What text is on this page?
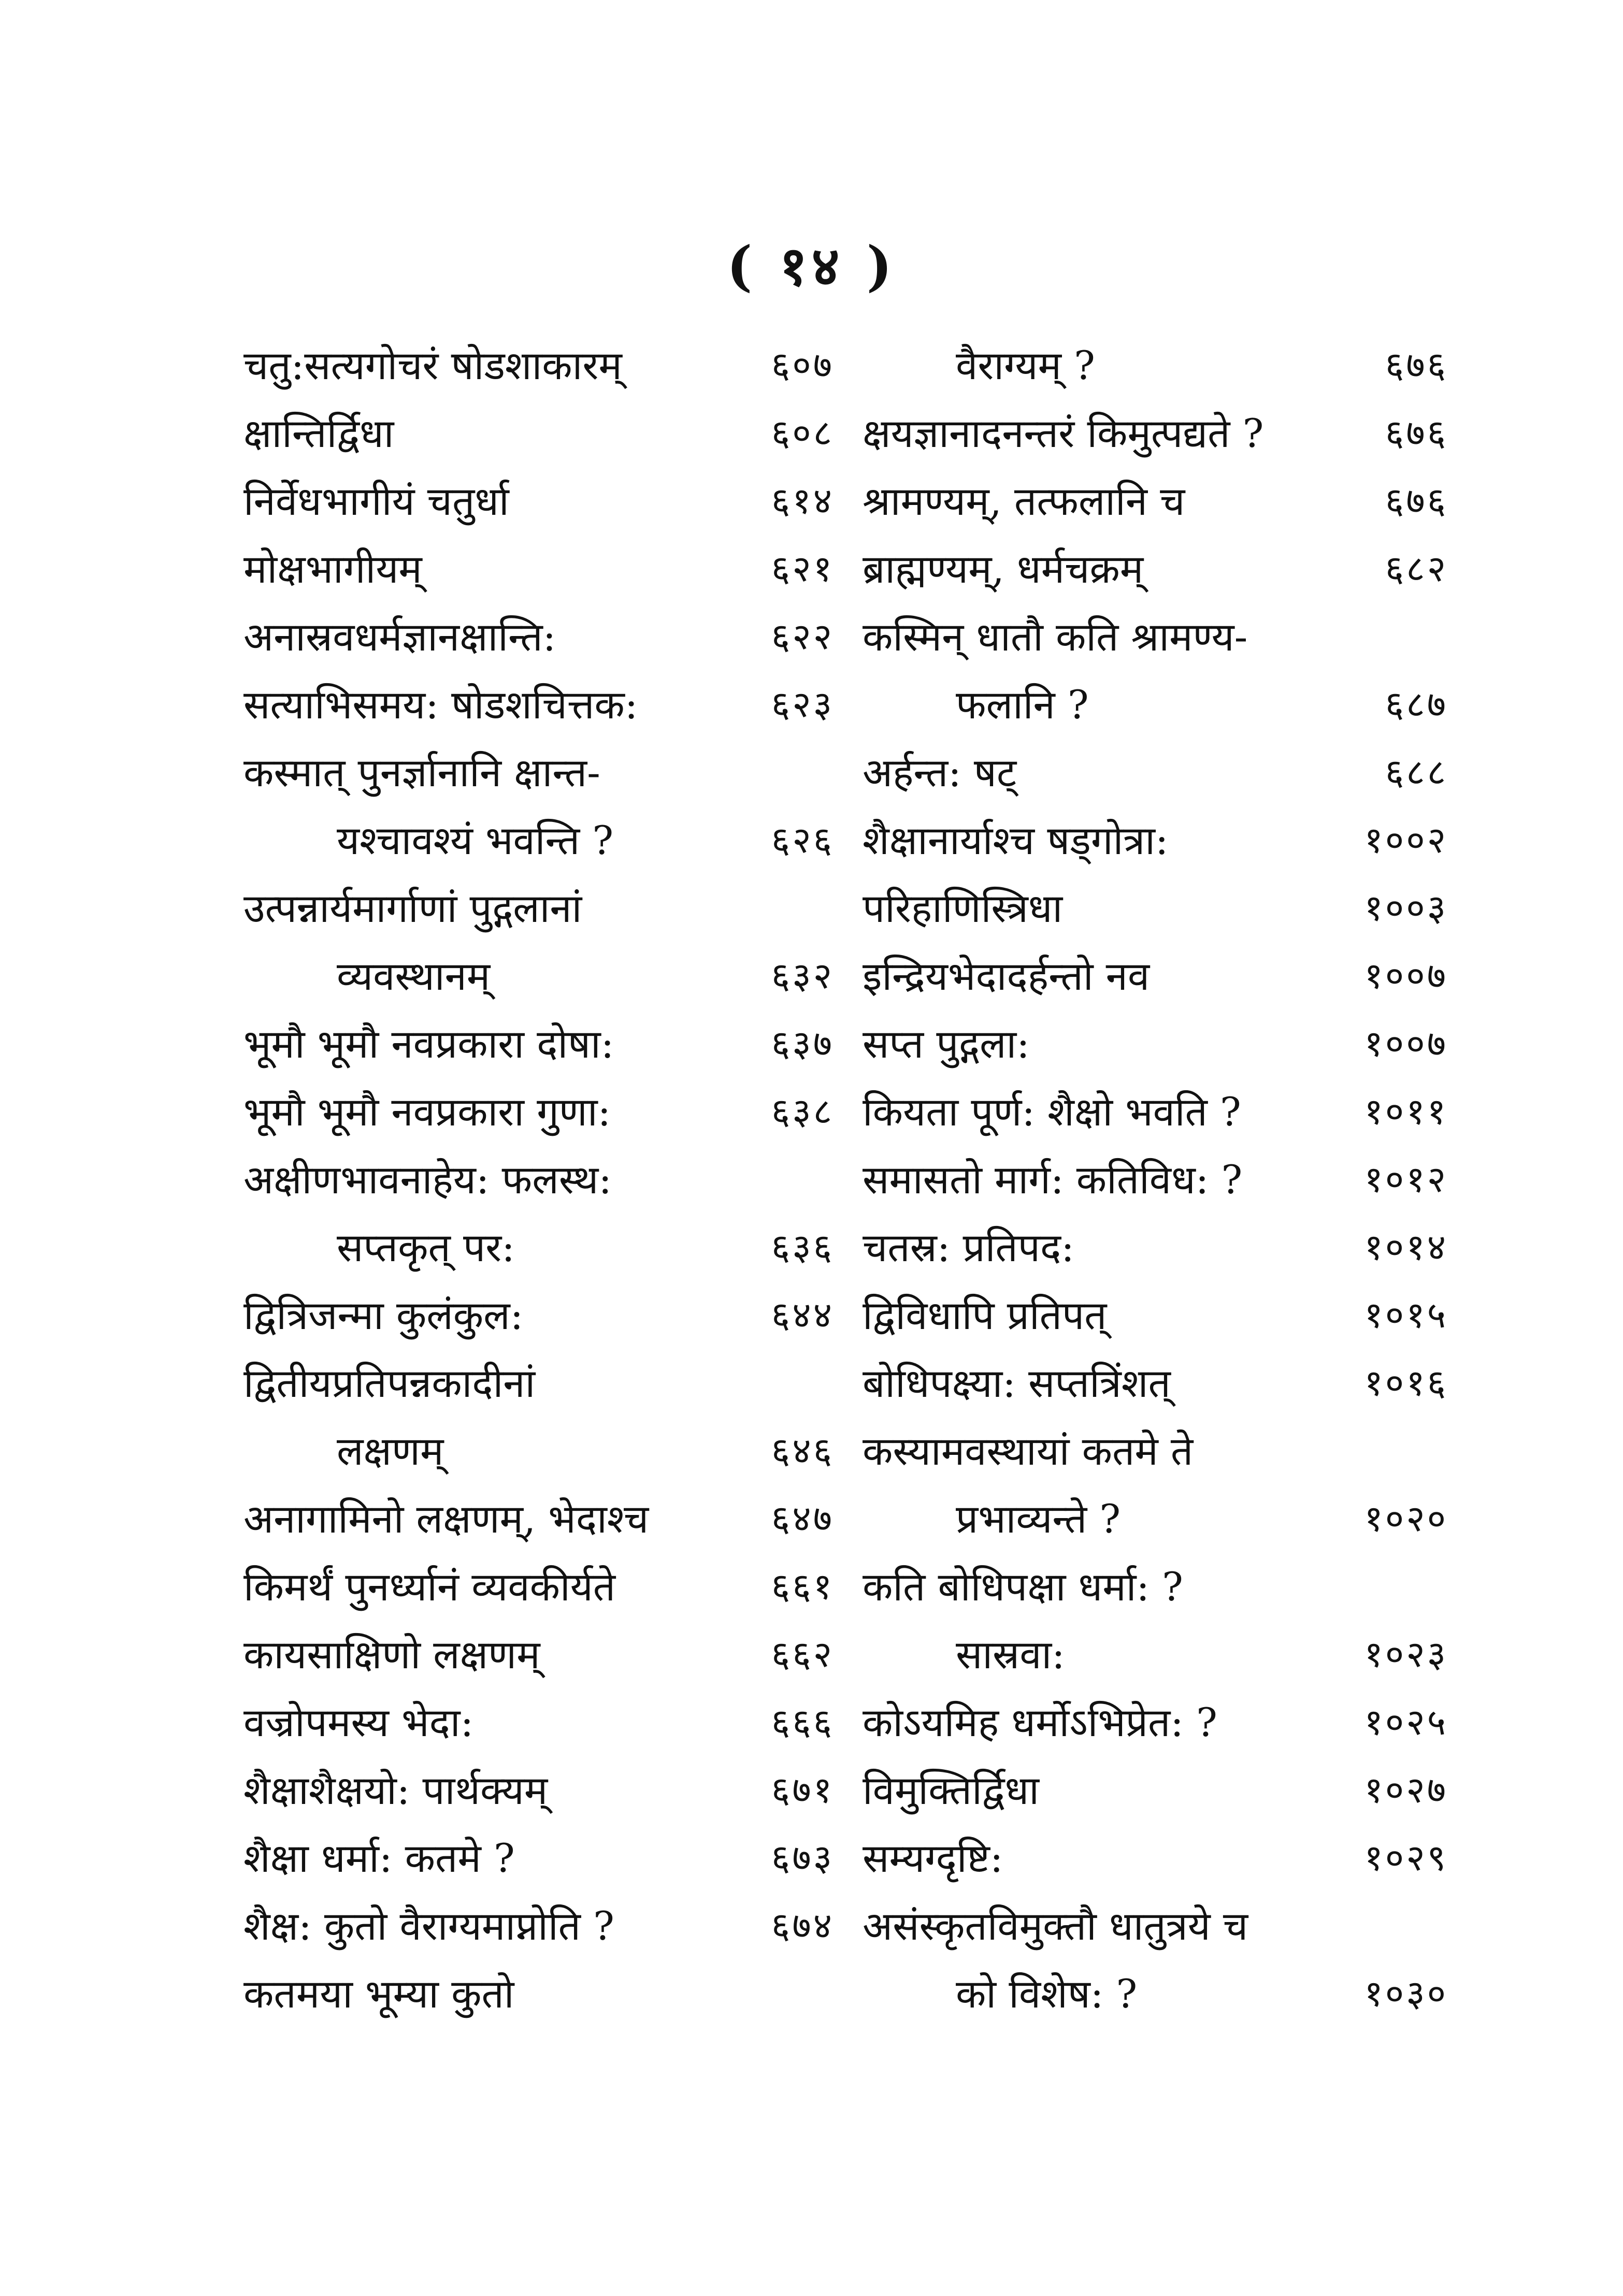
( १४ )
चतु:सत्यगोचरं षोडशाकारम्	६०७
क्षान्तिर्द्विधा	६०८
निर्वेधभागीयं चतुर्धा	६१४
मोक्षभागीयम्	६२१
अनास्रवधर्मज्ञानक्षान्ति:	६२२
सत्याभिसमय: षोडशचित्तक:	६२३
कस्मात् पुनर्ज्ञानानि क्षान्त-
यश्चावश्यं भवन्ति ?	६२६
उत्पन्नार्यमार्गाणां पुद्गलानां
व्यवस्थानम्	६३२
भूमौ भूमौ नवप्रकारा दोषा:	६३७
भूमौ भूमौ नवप्रकारा गुणा:	६३८
अक्षीणभावनाहेय: फलस्थ:
सप्तकृत् पर:	६३६
द्वित्रिजन्मा कुलंकुल:	६४४
द्वितीयप्रतिपन्नकादीनां
लक्षणम्	६४६
अनागामिनो लक्षणम्, भेदाश्च	६४७
किमर्थं पुनर्ध्यानं व्यवकीर्यते	६६१
कायसाक्षिणो लक्षणम्	६६२
वज्रोपमस्य भेदा:	६६६
शैक्षाशैक्षयो: पार्थक्यम्	६७१
शैक्षा धर्मा: कतमे ?	६७३
शैक्ष: कुतो वैराग्यमाप्नोति ?	६७४
कतमया भूम्या कुतो
वैराग्यम् ?	६७६
क्षयज्ञानादनन्तरं किमुत्पद्यते ?	६७६
श्रामण्यम्, तत्फलानि च	६७६
ब्राह्मण्यम्, धर्मचक्रम्	६८२
कस्मिन् धातौ कति श्रामण्य-
फलानि ?	६८७
अर्हन्त: षट्	६८८
शैक्षानार्याश्च षड्गोत्रा:	१००२
परिहाणिस्त्रिधा	१००३
इन्द्रियभेदादर्हन्तो नव	१००७
सप्त पुद्गला:	१००७
कियता पूर्ण: शैक्षो भवति ?	१०११
समासतो मार्ग: कतिविध: ?	१०१२
चतस्र: प्रतिपद:	१०१४
द्विविधापि प्रतिपत्	१०१५
बोधिपक्ष्या: सप्तत्रिंशत्	१०१६
कस्यामवस्थायां कतमे ते
प्रभाव्यन्ते ?	१०२०
कति बोधिपक्षा धर्मा: ?
सास्रवा:	१०२३
कोऽयमिह धर्मोऽभिप्रेत: ?	१०२५
विमुक्तिर्द्विधा	१०२७
सम्यग्दृष्टि:	१०२९
असंस्कृतविमुक्तौ धातुत्रये च
को विशेष: ?	१०३०
